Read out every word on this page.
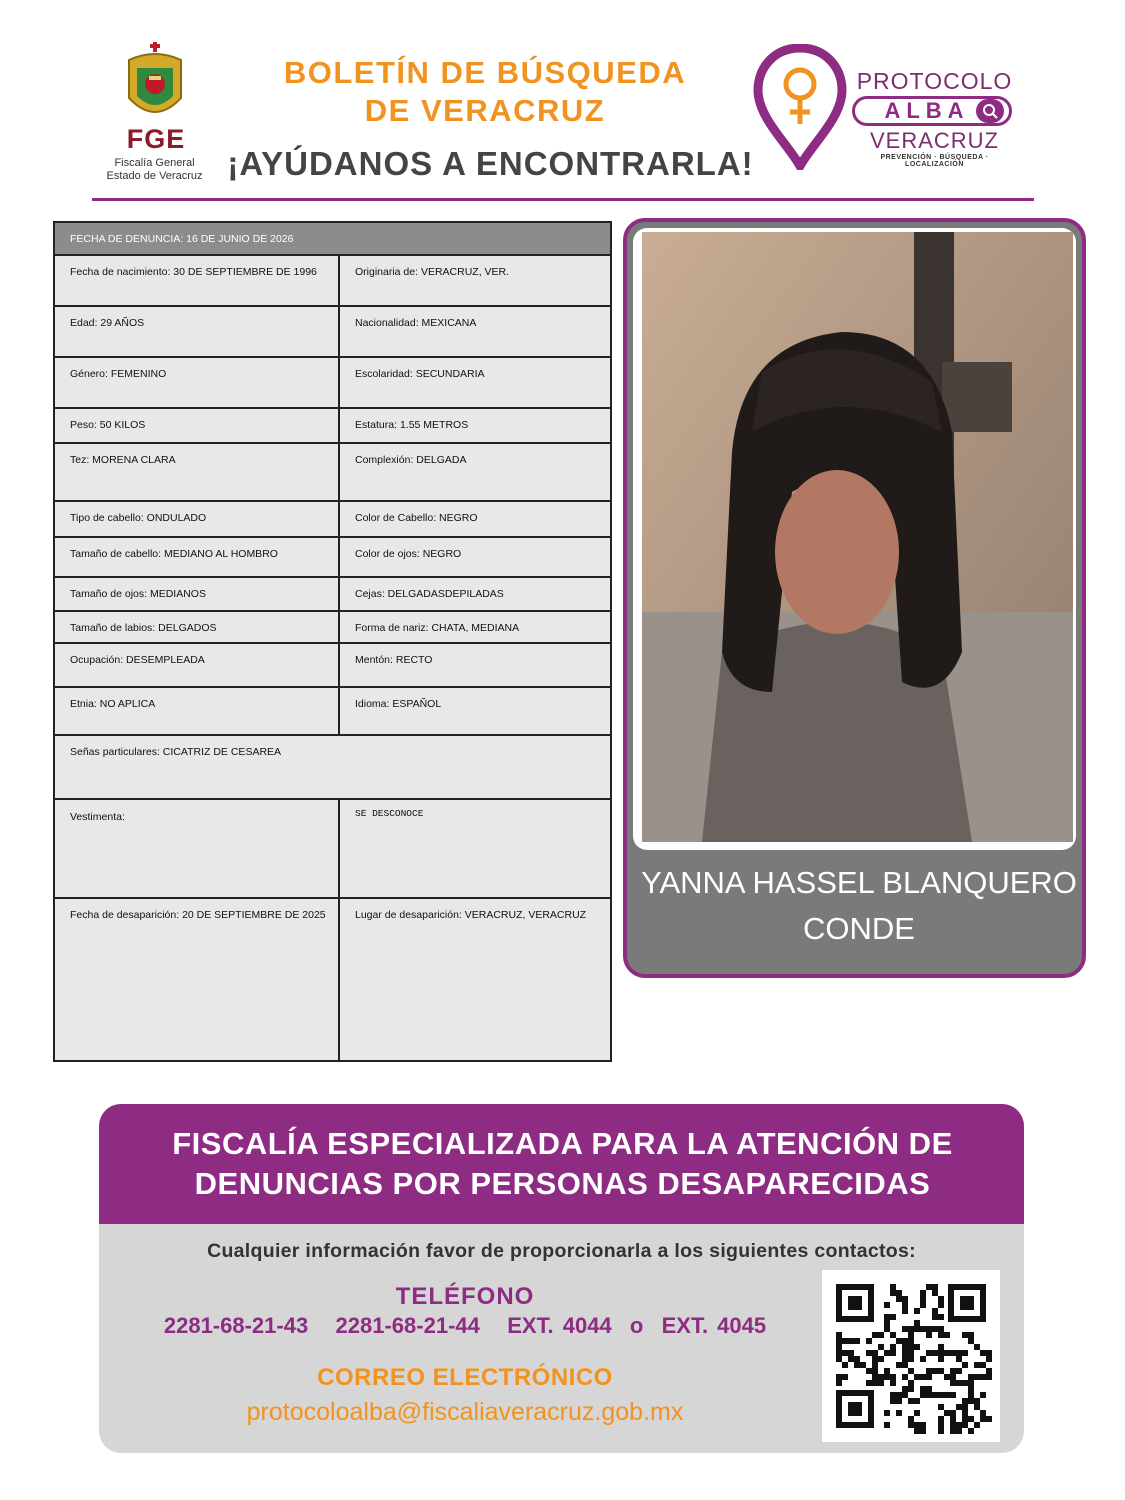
FGE
Fiscalía General
Estado de Veracruz
BOLETÍN DE BÚSQUEDA
DE VERACRUZ
¡AYÚDANOS A ENCONTRARLA!
PROTOCOLO
ALBA
VERACRUZ
PREVENCIÓN · BÚSQUEDA · LOCALIZACIÓN
FECHA DE DENUNCIA: 16 DE JUNIO DE 2026
Fecha de nacimiento: 30 DE SEPTIEMBRE DE 1996	Originaria de: VERACRUZ, VER.
Edad: 29 AÑOS	Nacionalidad: MEXICANA
Género: FEMENINO	Escolaridad: SECUNDARIA
Peso: 50 KILOS	Estatura: 1.55 METROS
Tez: MORENA CLARA	Complexión: DELGADA
Tipo de cabello: ONDULADO	Color de Cabello: NEGRO
Tamaño de cabello: MEDIANO AL HOMBRO	Color de ojos: NEGRO
Tamaño de ojos: MEDIANOS	Cejas: DELGADASDEPILADAS
Tamaño de labios: DELGADOS	Forma de nariz: CHATA, MEDIANA
Ocupación: DESEMPLEADA	Mentón: RECTO
Etnia: NO APLICA	Idioma: ESPAÑOL
Señas particulares: CICATRIZ DE CESAREA
Vestimenta:	SE DESCONOCE
Fecha de desaparición: 20 DE SEPTIEMBRE DE 2025	Lugar de desaparición: VERACRUZ, VERACRUZ
YANNA HASSEL BLANQUERO
CONDE
FISCALÍA ESPECIALIZADA PARA LA ATENCIÓN DE
DENUNCIAS POR PERSONAS DESAPARECIDAS
Cualquier información favor de proporcionarla a los siguientes contactos:
TELÉFONO
2281-68-21-43   2281-68-21-44   EXT. 4044  o  EXT. 4045
CORREO ELECTRÓNICO
protocoloalba@fiscaliaveracruz.gob.mx
